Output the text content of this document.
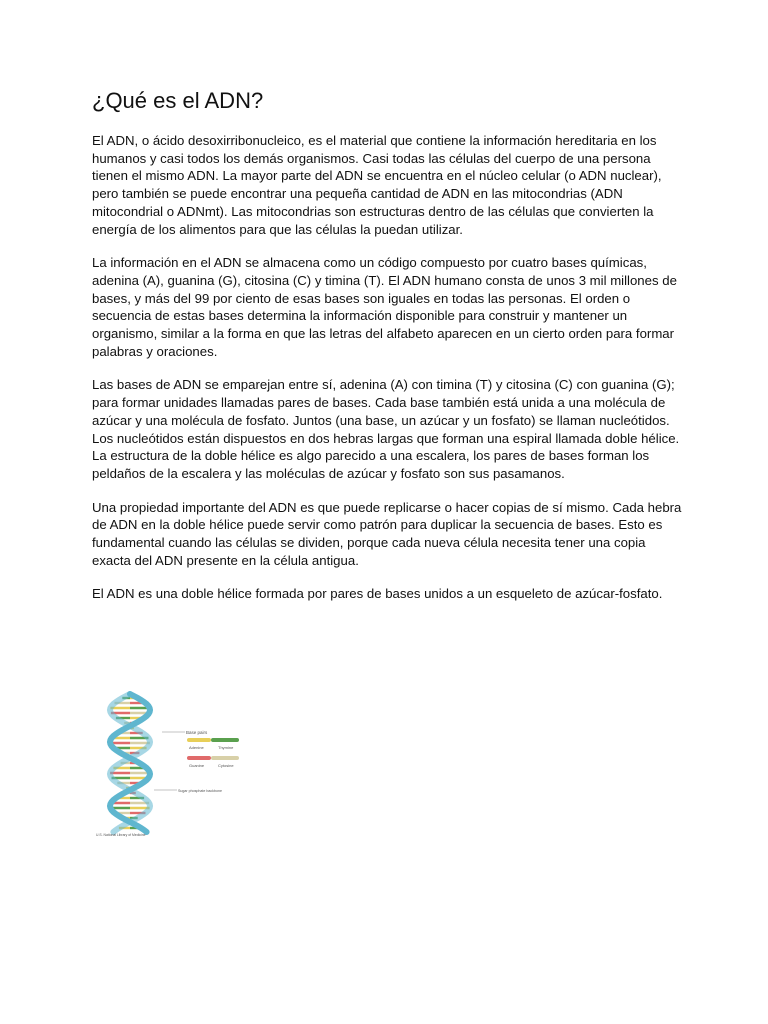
¿Qué es el ADN?

El ADN, o ácido desoxirribonucleico, es el material que contiene la información hereditaria en los humanos y casi todos los demás organismos. Casi todas las células del cuerpo de una persona tienen el mismo ADN. La mayor parte del ADN se encuentra en el núcleo celular (o ADN nuclear), pero también se puede encontrar una pequeña cantidad de ADN en las mitocondrias (ADN mitocondrial o ADNmt). Las mitocondrias son estructuras dentro de las células que convierten la energía de los alimentos para que las células la puedan utilizar.

La información en el ADN se almacena como un código compuesto por cuatro bases químicas, adenina (A), guanina (G), citosina (C) y timina (T). El ADN humano consta de unos 3 mil millones de bases, y más del 99 por ciento de esas bases son iguales en todas las personas. El orden o secuencia de estas bases determina la información disponible para construir y mantener un organismo, similar a la forma en que las letras del alfabeto aparecen en un cierto orden para formar palabras y oraciones.

Las bases de ADN se emparejan entre sí, adenina (A) con timina (T) y citosina (C) con guanina (G); para formar unidades llamadas pares de bases. Cada base también está unida a una molécula de azúcar y una molécula de fosfato. Juntos (una base, un azúcar y un fosfato) se llaman nucleótidos. Los nucleótidos están dispuestos en dos hebras largas que forman una espiral llamada doble hélice. La estructura de la doble hélice es algo parecido a una escalera, los pares de bases forman los peldaños de la escalera y las moléculas de azúcar y fosfato son sus pasamanos.

Una propiedad importante del ADN es que puede replicarse o hacer copias de sí mismo. Cada hebra de ADN en la doble hélice puede servir como patrón para duplicar la secuencia de bases. Esto es fundamental cuando las células se dividen, porque cada nueva célula necesita tener una copia exacta del ADN presente en la célula antigua.

El ADN es una doble hélice formada por pares de bases unidos a un esqueleto de azúcar-fosfato.

Base pairs
Adenine	Thymine
Guanine	Cytosine
Sugar phosphate backbone
U.S. National Library of Medicine
